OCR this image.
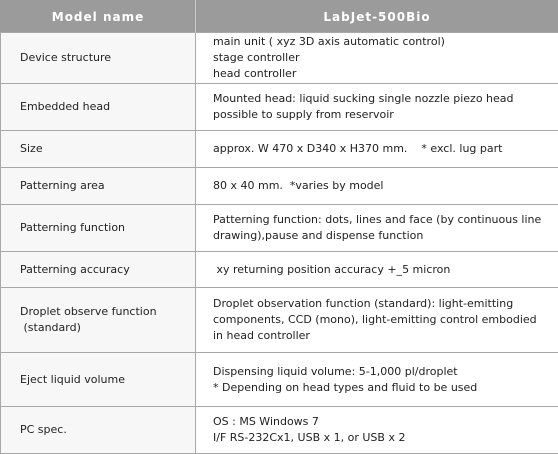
Model name	LabJet-500Bio

Device structure	main unit ( xyz 3D axis automatic control)
stage controller
head controller

Embedded head	Mounted head: liquid sucking single nozzle piezo head
possible to supply from reservoir

Size	approx. W 470 x D340 x H370 mm.    * excl. lug part

Patterning area	80 x 40 mm.  *varies by model

Patterning function	Patterning function: dots, lines and face (by continuous line
drawing),pause and dispense function

Patterning accuracy	xy returning position accuracy +_5 micron

Droplet observe function
(standard)	Droplet observation function (standard): light-emitting
components, CCD (mono), light-emitting control embodied
in head controller

Eject liquid volume	Dispensing liquid volume: 5-1,000 pl/droplet
* Depending on head types and fluid to be used

PC spec.	OS : MS Windows 7
I/F RS-232Cx1, USB x 1, or USB x 2
